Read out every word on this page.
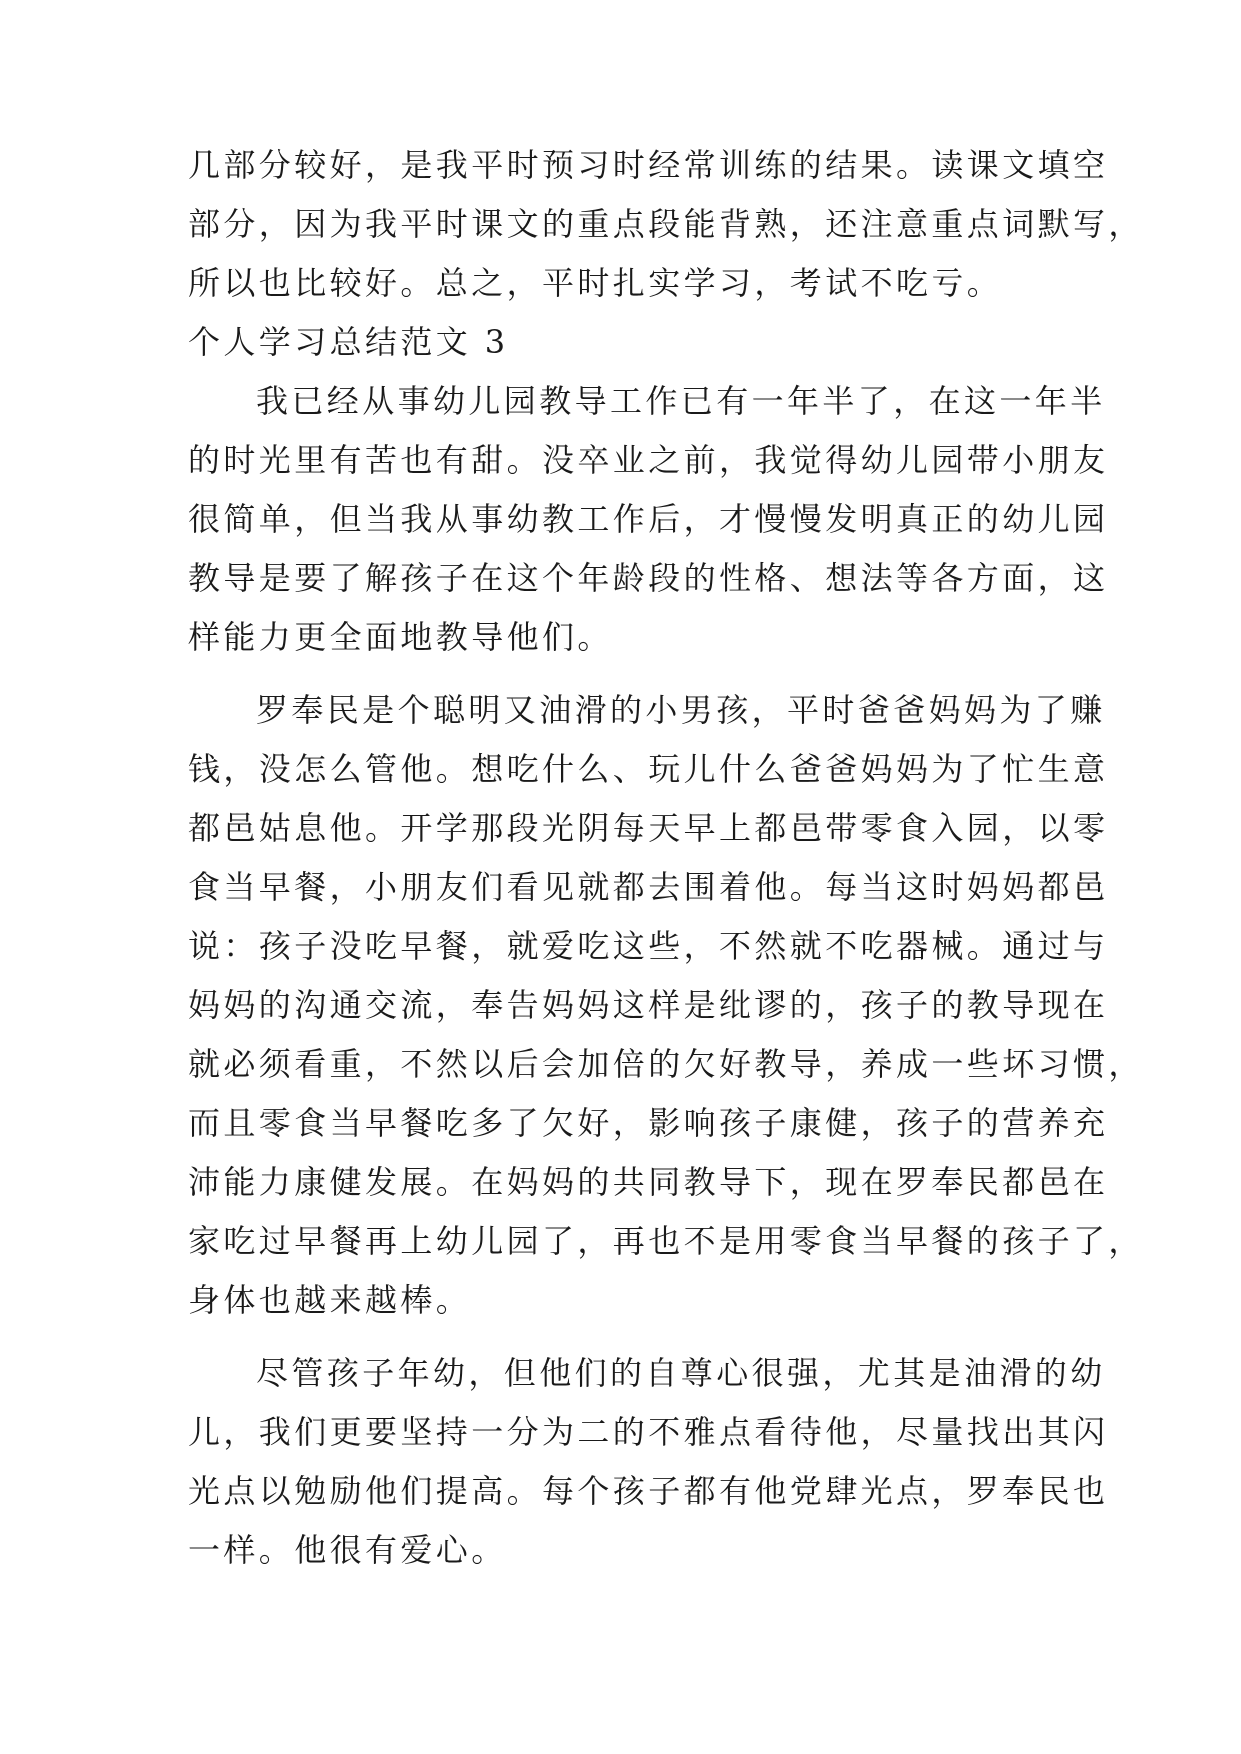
几部分较好，是我平时预习时经常训练的结果。读课文填空
部分，因为我平时课文的重点段能背熟，还注意重点词默写，
所以也比较好。总之，平时扎实学习，考试不吃亏。
个人学习总结范文 3
我已经从事幼儿园教导工作已有一年半了，在这一年半
的时光里有苦也有甜。没卒业之前，我觉得幼儿园带小朋友
很简单，但当我从事幼教工作后，才慢慢发明真正的幼儿园
教导是要了解孩子在这个年龄段的性格、想法等各方面，这
样能力更全面地教导他们。
罗奉民是个聪明又油滑的小男孩，平时爸爸妈妈为了赚
钱，没怎么管他。想吃什么、玩儿什么爸爸妈妈为了忙生意
都邑姑息他。开学那段光阴每天早上都邑带零食入园，以零
食当早餐，小朋友们看见就都去围着他。每当这时妈妈都邑
说：孩子没吃早餐，就爱吃这些，不然就不吃器械。通过与
妈妈的沟通交流，奉告妈妈这样是纰谬的，孩子的教导现在
就必须看重，不然以后会加倍的欠好教导，养成一些坏习惯，
而且零食当早餐吃多了欠好，影响孩子康健，孩子的营养充
沛能力康健发展。在妈妈的共同教导下，现在罗奉民都邑在
家吃过早餐再上幼儿园了，再也不是用零食当早餐的孩子了，
身体也越来越棒。
尽管孩子年幼，但他们的自尊心很强，尤其是油滑的幼
儿，我们更要坚持一分为二的不雅点看待他，尽量找出其闪
光点以勉励他们提高。每个孩子都有他党肆光点，罗奉民也
一样。他很有爱心。
